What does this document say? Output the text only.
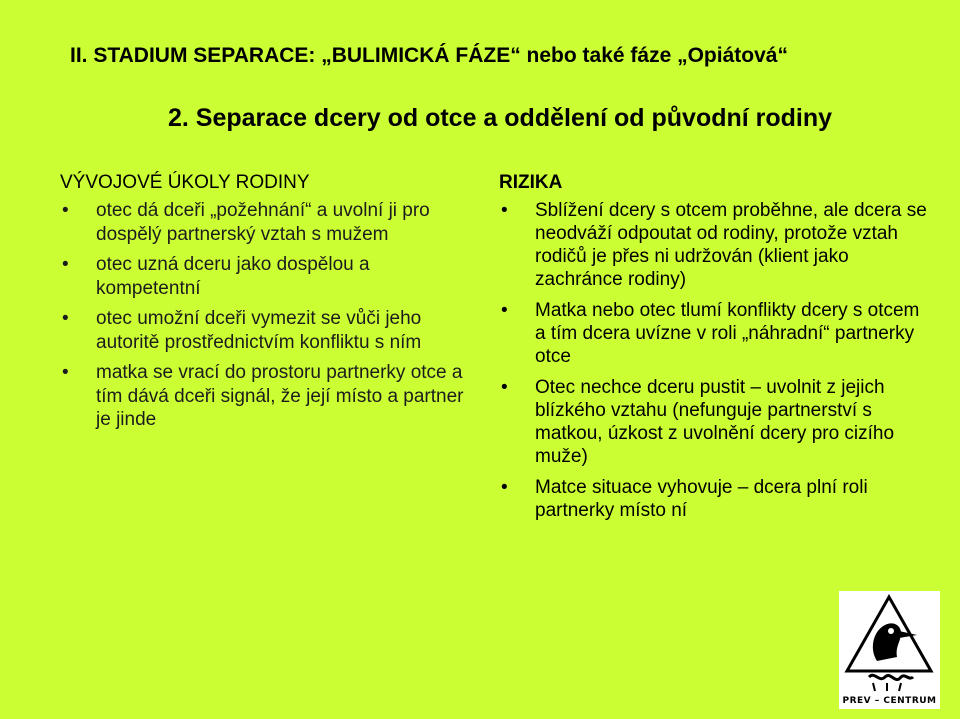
II. STADIUM SEPARACE: „BULIMICKÁ FÁZE“ nebo také fáze „Opiátová“
2. Separace dcery od otce a oddělení od původní rodiny
VÝVOJOVÉ ÚKOLY RODINY
• otec dá dceři „požehnání“ a uvolní ji pro dospělý partnerský vztah s mužem
• otec uzná dceru jako dospělou a kompetentní
• otec umožní dceři vymezit se vůči jeho autoritě prostřednictvím konfliktu s ním
• matka se vrací do prostoru partnerky otce a tím dává dceři signál, že její místo a partner je jinde
RIZIKA
• Sblížení dcery s otcem proběhne, ale dcera se neodváží odpoutat od rodiny, protože vztah rodičů je přes ni udržován (klient jako zachránce rodiny)
• Matka nebo otec tlumí konflikty dcery s otcem a tím dcera uvízne v roli „náhradní“ partnerky otce
• Otec nechce dceru pustit – uvolnit z jejich blízkého vztahu (nefunguje partnerství s matkou, úzkost z uvolnění dcery pro cizího muže)
• Matce situace vyhovuje – dcera plní roli partnerky místo ní
PREV – CENTRUM
